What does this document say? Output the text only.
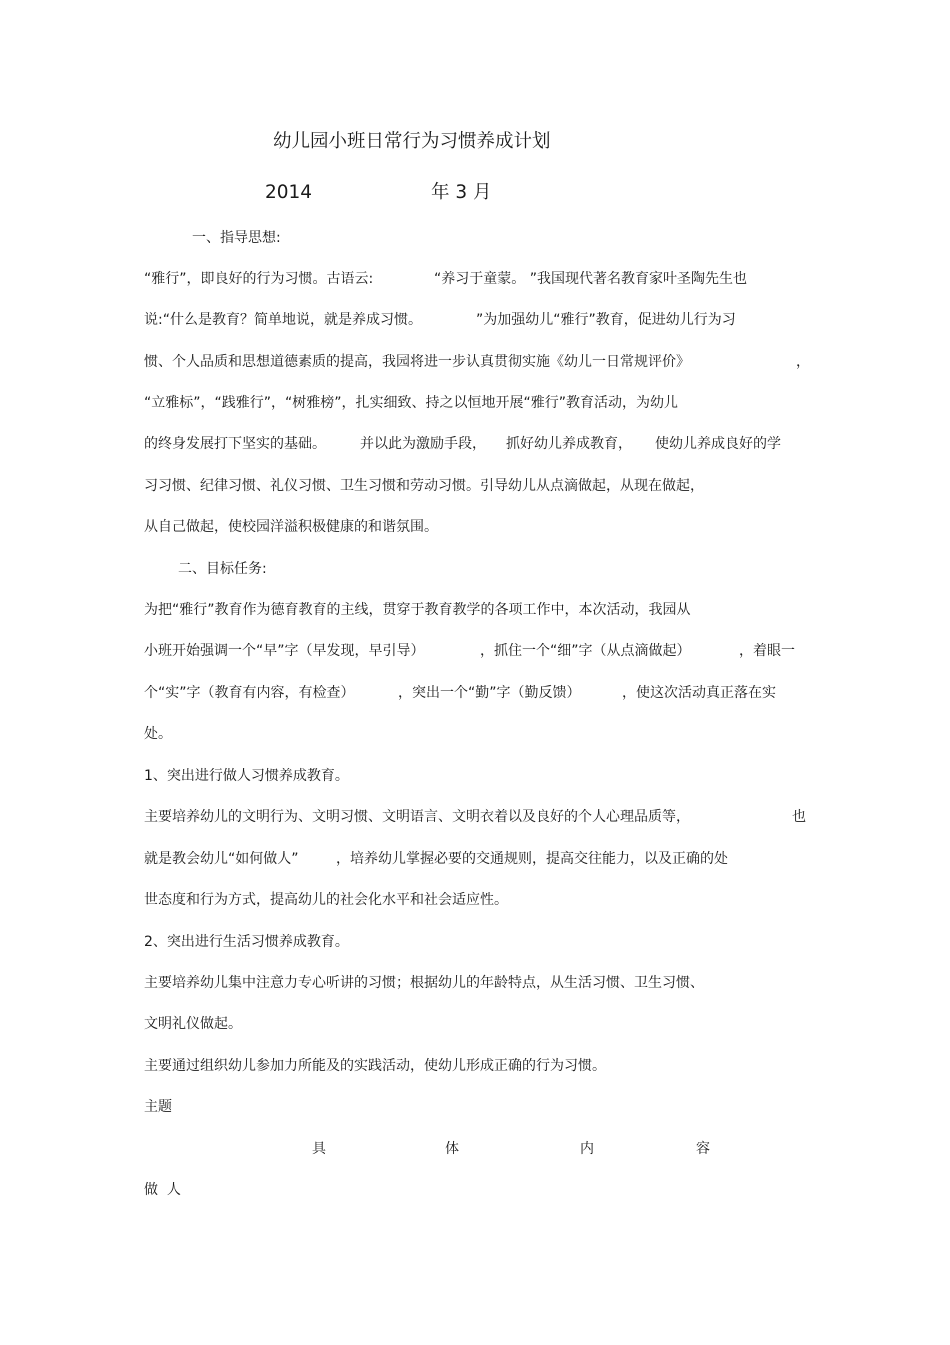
幼儿园小班日常行为习惯养成计划
2014	年 3 月
一、指导思想:
“雅行”，即良好的行为习惯。古语云:	“养习于童蒙。 ”我国现代著名教育家叶圣陶先生也
说:“什么是教育？简单地说，就是养成习惯。	”为加强幼儿“雅行”教育，促进幼儿行为习
惯、个人品质和思想道德素质的提高，我园将进一步认真贯彻实施《幼儿一日常规评价》	，
“立雅标”，“践雅行”，“树雅榜”，扎实细致、持之以恒地开展“雅行”教育活动，为幼儿
的终身发展打下坚实的基础。 并以此为激励手段， 抓好幼儿养成教育， 使幼儿养成良好的学
习习惯、纪律习惯、礼仪习惯、卫生习惯和劳动习惯。引导幼儿从点滴做起，从现在做起，
从自己做起，使校园洋溢积极健康的和谐氛围。
二、目标任务:
为把“雅行”教育作为德育教育的主线，贯穿于教育教学的各项工作中，本次活动，我园从
小班开始强调一个“早”字（早发现，早引导）	，抓住一个“细”字（从点滴做起）	，着眼一
个“实”字（教育有内容，有检查）	，突出一个“勤”字（勤反馈）	，使这次活动真正落在实
处。
1、突出进行做人习惯养成教育。
主要培养幼儿的文明行为、文明习惯、文明语言、文明衣着以及良好的个人心理品质等，	也
就是教会幼儿“如何做人”	，培养幼儿掌握必要的交通规则，提高交往能力，以及正确的处
世态度和行为方式，提高幼儿的社会化水平和社会适应性。
2、突出进行生活习惯养成教育。
主要培养幼儿集中注意力专心听讲的习惯；根据幼儿的年龄特点，从生活习惯、卫生习惯、
文明礼仪做起。
主要通过组织幼儿参加力所能及的实践活动，使幼儿形成正确的行为习惯。
主题
具	体	内	容
做  人
